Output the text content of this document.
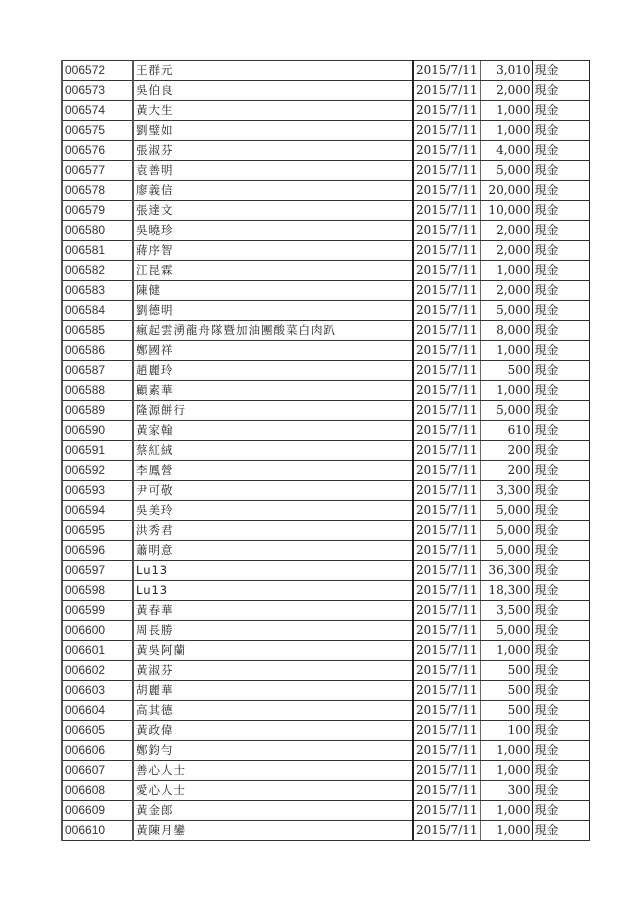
006572	王群元	2015/7/11	3,010	現金
006573	吳伯良	2015/7/11	2,000	現金
006574	黃大生	2015/7/11	1,000	現金
006575	劉璧如	2015/7/11	1,000	現金
006576	張淑芬	2015/7/11	4,000	現金
006577	袁善明	2015/7/11	5,000	現金
006578	廖義信	2015/7/11	20,000	現金
006579	張達文	2015/7/11	10,000	現金
006580	吳曉珍	2015/7/11	2,000	現金
006581	蔣序智	2015/7/11	2,000	現金
006582	江昆霖	2015/7/11	1,000	現金
006583	陳健	2015/7/11	2,000	現金
006584	劉德明	2015/7/11	5,000	現金
006585	瘋起雲湧龍舟隊暨加油團酸菜白肉趴	2015/7/11	8,000	現金
006586	鄭國祥	2015/7/11	1,000	現金
006587	趙麗玲	2015/7/11	500	現金
006588	顧素華	2015/7/11	1,000	現金
006589	隆源餅行	2015/7/11	5,000	現金
006590	黃家翰	2015/7/11	610	現金
006591	蔡紅絨	2015/7/11	200	現金
006592	李鳳營	2015/7/11	200	現金
006593	尹可敬	2015/7/11	3,300	現金
006594	吳美玲	2015/7/11	5,000	現金
006595	洪秀君	2015/7/11	5,000	現金
006596	蕭明意	2015/7/11	5,000	現金
006597	Lu13	2015/7/11	36,300	現金
006598	Lu13	2015/7/11	18,300	現金
006599	黃春華	2015/7/11	3,500	現金
006600	周長勝	2015/7/11	5,000	現金
006601	黃吳阿蘭	2015/7/11	1,000	現金
006602	黃淑芬	2015/7/11	500	現金
006603	胡麗華	2015/7/11	500	現金
006604	高其德	2015/7/11	500	現金
006605	黃政偉	2015/7/11	100	現金
006606	鄭鈞勻	2015/7/11	1,000	現金
006607	善心人士	2015/7/11	1,000	現金
006608	愛心人士	2015/7/11	300	現金
006609	黃金郎	2015/7/11	1,000	現金
006610	黃陳月鑾	2015/7/11	1,000	現金
